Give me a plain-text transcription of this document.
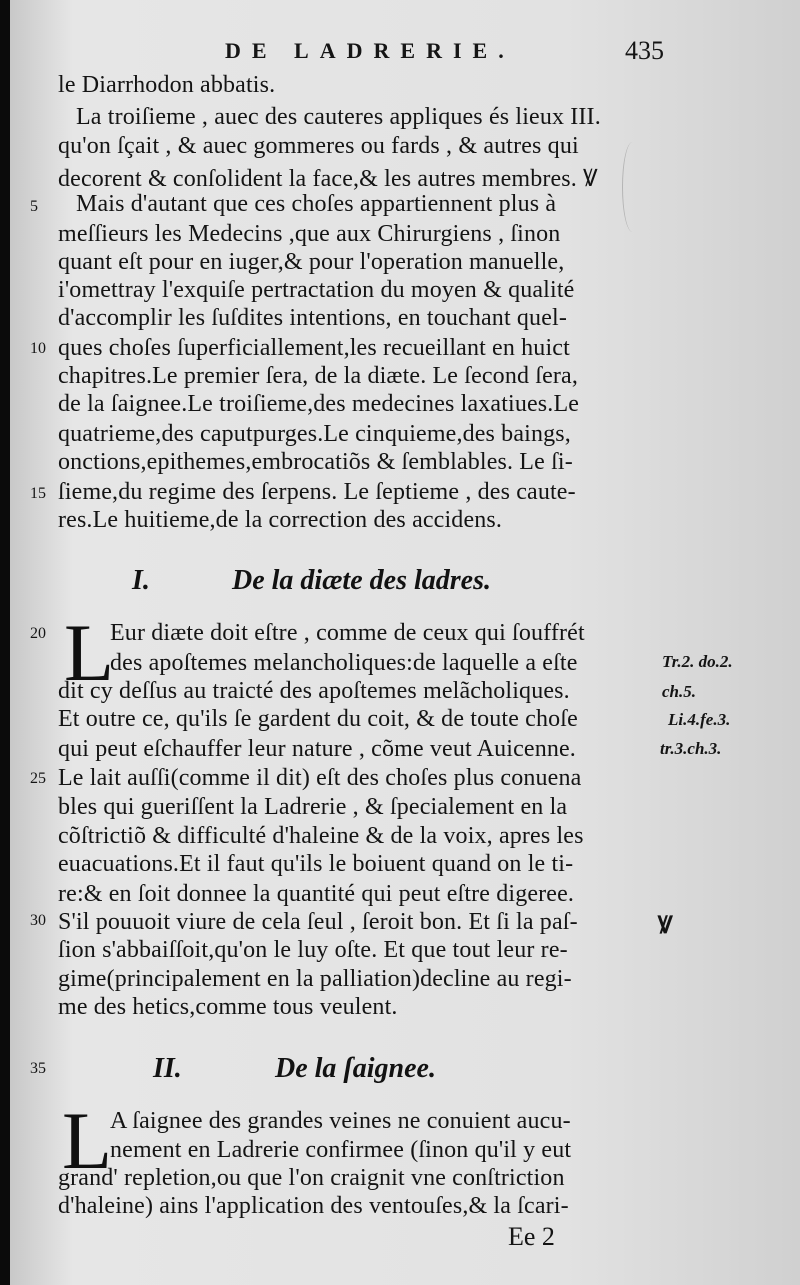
DE LADRERIE.	435
le Diarrhodon abbatis.
La troiſieme , auec des cauteres appliques és lieux III.
qu'on ſçait , & auec gommeres ou fards , & autres qui
decorent & conſolident la face,& les autres membres. Ꝟ
Mais d'autant que ces choſes appartiennent plus à
meſſieurs les Medecins ,que aux Chirurgiens , ſinon
quant eſt pour en iuger,& pour l'operation manuelle,
i'omettray l'exquiſe pertractation du moyen & qualité
d'accomplir les ſuſdites intentions, en touchant quel-
ques choſes ſuperficiallement,les recueillant en huict
chapitres.Le premier ſera, de la diæte. Le ſecond ſera,
de la ſaignee.Le troiſieme,des medecines laxatiues.Le
quatrieme,des caputpurges.Le cinquieme,des baings,
onctions,epithemes,embrocatiõs & ſemblables. Le ſi-
ſieme,du regime des ſerpens. Le ſeptieme , des caute-
res.Le huitieme,de la correction des accidens.
5
10
15
20
25
30
35
I.	De la diæte des ladres.
L
Eur diæte doit eſtre , comme de ceux qui ſouffrét
des apoſtemes melancholiques:de laquelle a eſte
dit cy deſſus au traicté des apoſtemes melãcholiques.
Et outre ce, qu'ils ſe gardent du coit, & de toute choſe
qui peut eſchauffer leur nature , cõme veut Auicenne.
Le lait auſſi(comme il dit) eſt des choſes plus conuena
bles qui gueriſſent la Ladrerie , & ſpecialement en la
cõſtrictiõ & difficulté d'haleine & de la voix, apres les
euacuations.Et il faut qu'ils le boiuent quand on le ti-
re:& en ſoit donnee la quantité qui peut eſtre digeree.
S'il pouuoit viure de cela ſeul , ſeroit bon. Et ſi la paſ-
ſion s'abbaiſſoit,qu'on le luy oſte. Et que tout leur re-
gime(principalement en la palliation)decline au regi-
me des hetics,comme tous veulent.
II.	De la ſaignee.
L
A ſaignee des grandes veines ne conuient aucu-
nement en Ladrerie confirmee (ſinon qu'il y eut
grand' repletion,ou que l'on craignit vne conſtriction
d'haleine) ains l'application des ventouſes,& la ſcari-
Ee 2
Ꝟ
Tr.2. do.2.
ch.5.
Li.4.fe.3.
tr.3.ch.3.
